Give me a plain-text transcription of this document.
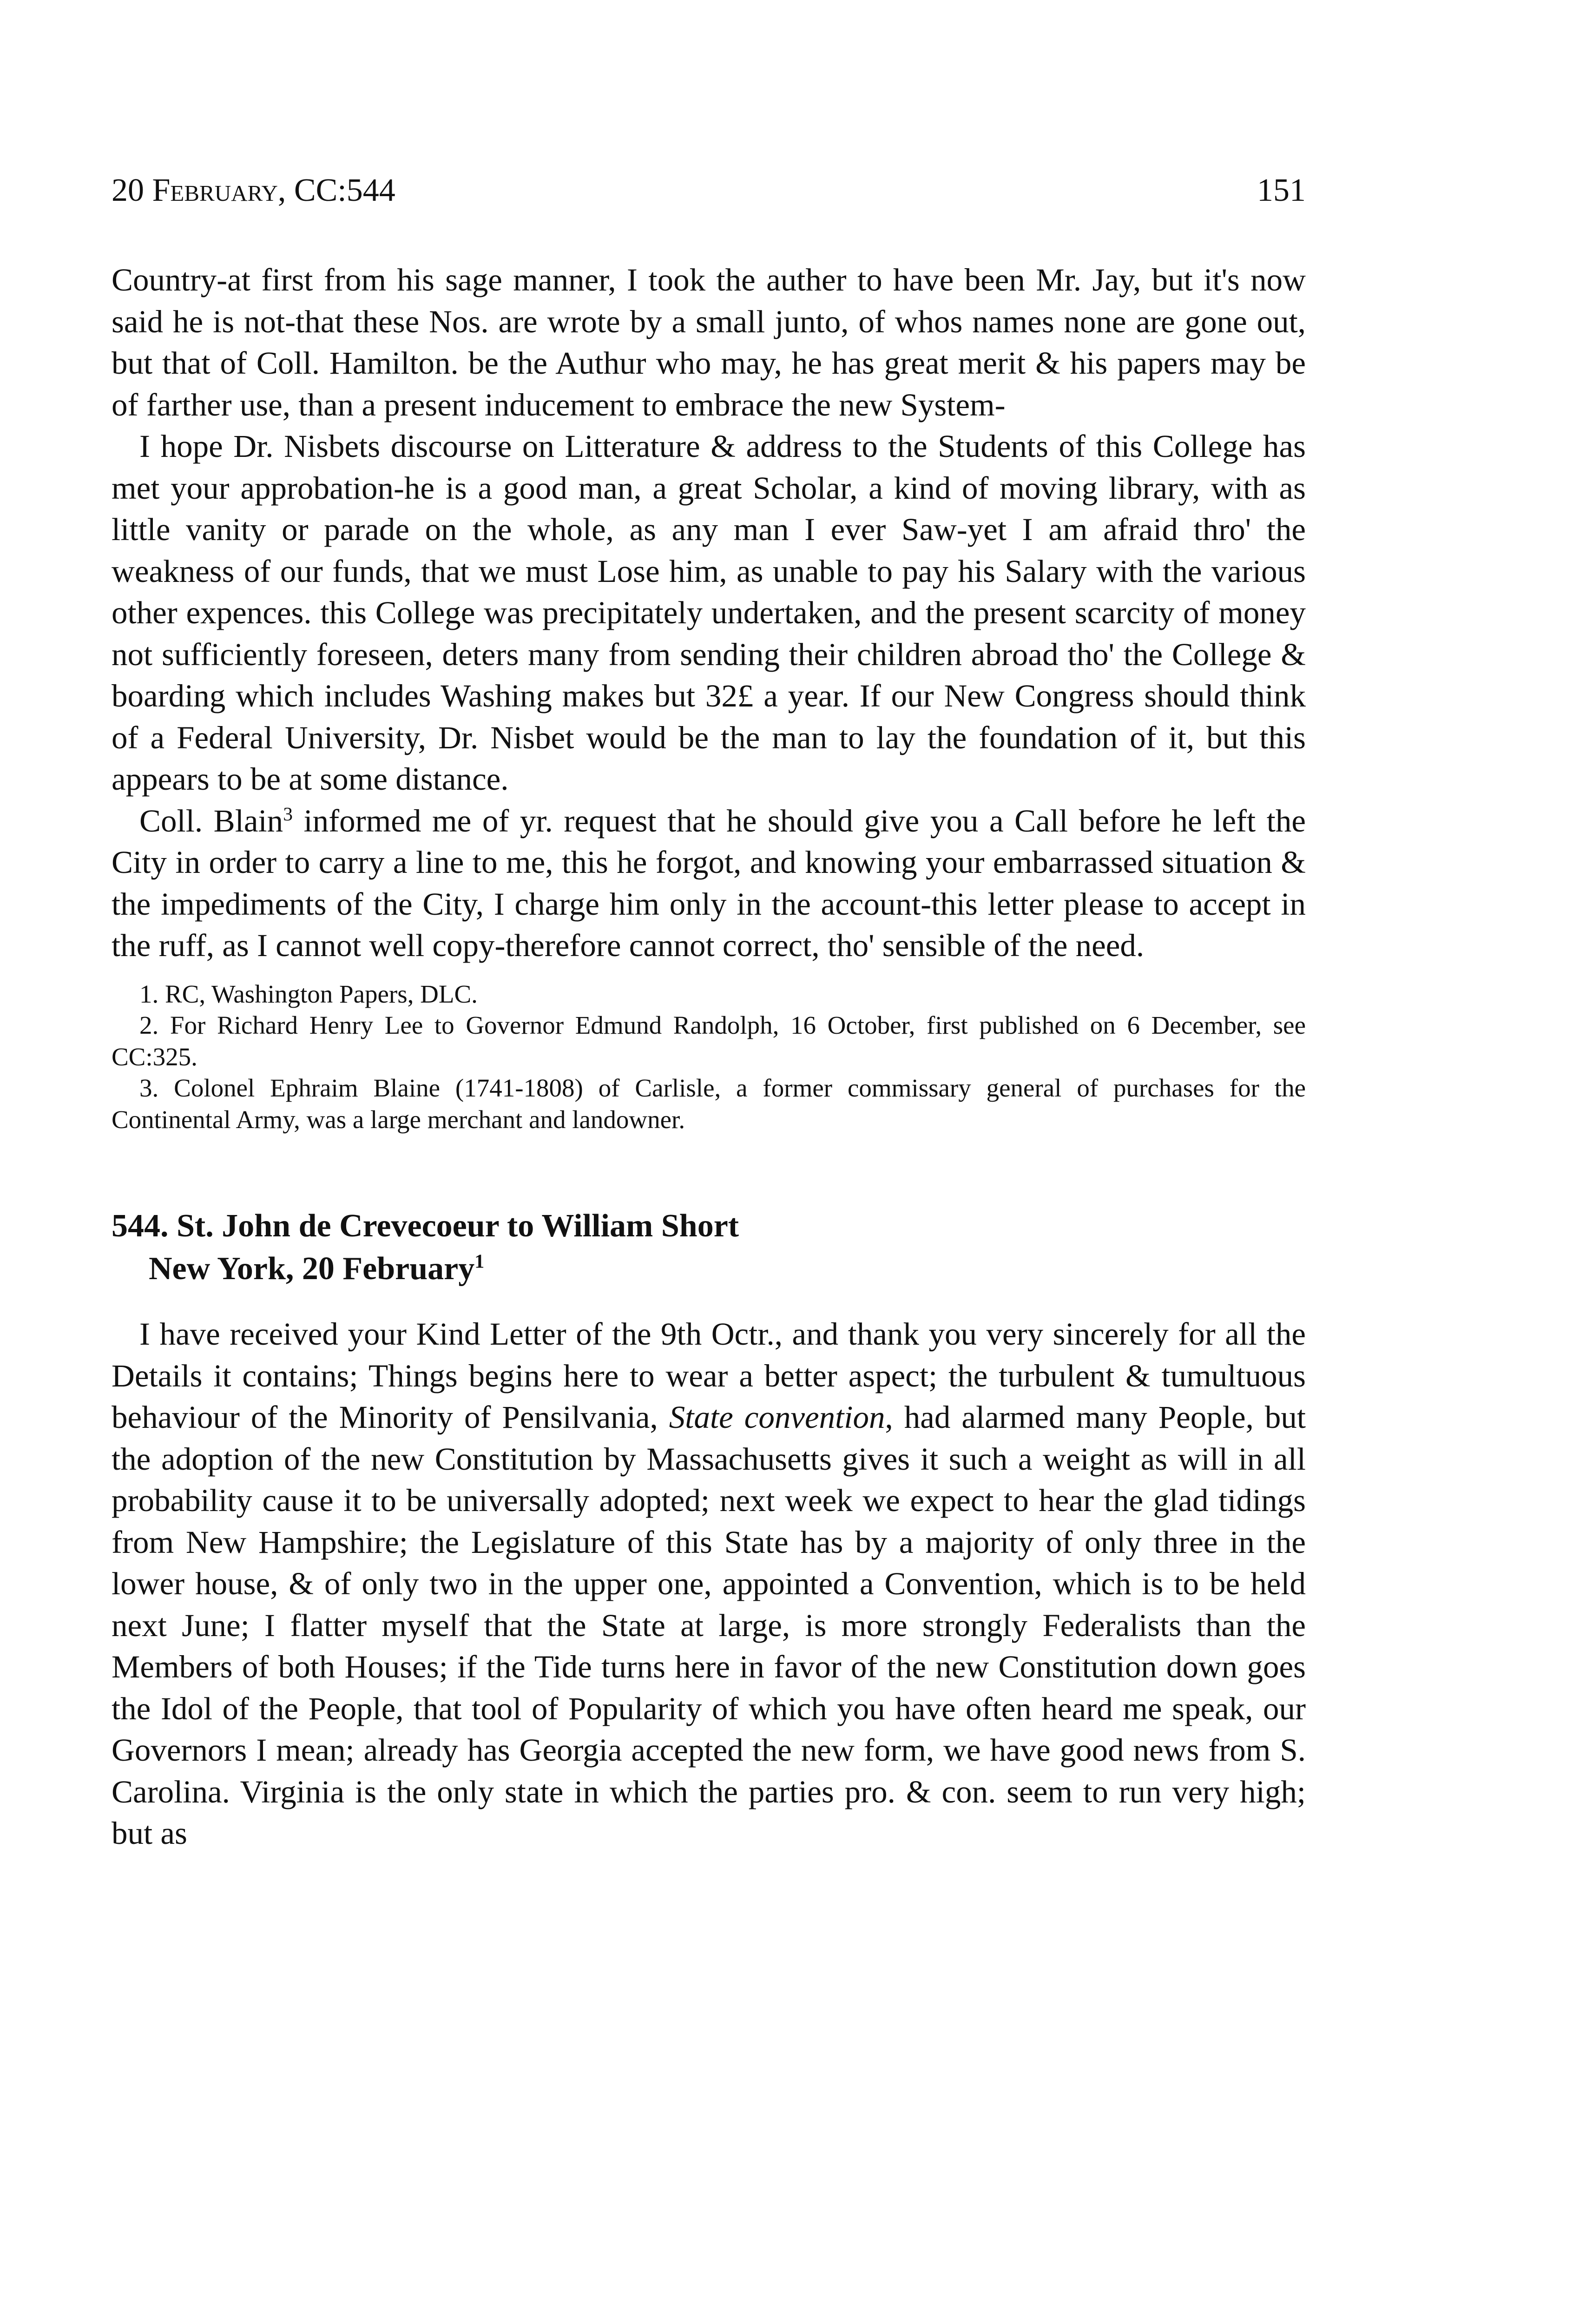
20 February, CC:544	151

Country-at first from his sage manner, I took the auther to have been Mr. Jay, but it's now said he is not-that these Nos. are wrote by a small junto, of whos names none are gone out, but that of Coll. Hamilton. be the Authur who may, he has great merit & his papers may be of farther use, than a present inducement to embrace the new System-

I hope Dr. Nisbets discourse on Litterature & address to the Students of this College has met your approbation-he is a good man, a great Scholar, a kind of moving library, with as little vanity or parade on the whole, as any man I ever Saw-yet I am afraid thro' the weakness of our funds, that we must Lose him, as unable to pay his Salary with the various other expences. this College was precipitately undertaken, and the present scarcity of money not sufficiently foreseen, deters many from sending their children abroad tho' the College & boarding which includes Washing makes but 32£ a year. If our New Congress should think of a Federal University, Dr. Nisbet would be the man to lay the foundation of it, but this appears to be at some distance.

Coll. Blain$^3$ informed me of yr. request that he should give you a Call before he left the City in order to carry a line to me, this he forgot, and knowing your embarrassed situation & the impediments of the City, I charge him only in the account-this letter please to accept in the ruff, as I cannot well copy-therefore cannot correct, tho' sensible of the need.

1. RC, Washington Papers, DLC.

2. For Richard Henry Lee to Governor Edmund Randolph, 16 October, first published on 6 December, see CC:325.

3. Colonel Ephraim Blaine (1741-1808) of Carlisle, a former commissary general of purchases for the Continental Army, was a large merchant and landowner.

544. St. John de Crevecoeur to William Short
New York, 20 February$^1$

I have received your Kind Letter of the 9th Octr., and thank you very sincerely for all the Details it contains; Things begins here to wear a better aspect; the turbulent & tumultuous behaviour of the Minority of Pensilvania, State convention, had alarmed many People, but the adoption of the new Constitution by Massachusetts gives it such a weight as will in all probability cause it to be universally adopted; next week we expect to hear the glad tidings from New Hampshire; the Legislature of this State has by a majority of only three in the lower house, & of only two in the upper one, appointed a Convention, which is to be held next June; I flatter myself that the State at large, is more strongly Federalists than the Members of both Houses; if the Tide turns here in favor of the new Constitution down goes the Idol of the People, that tool of Popularity of which you have often heard me speak, our Governors I mean; already has Georgia accepted the new form, we have good news from S. Carolina. Virginia is the only state in which the parties pro. & con. seem to run very high; but as
